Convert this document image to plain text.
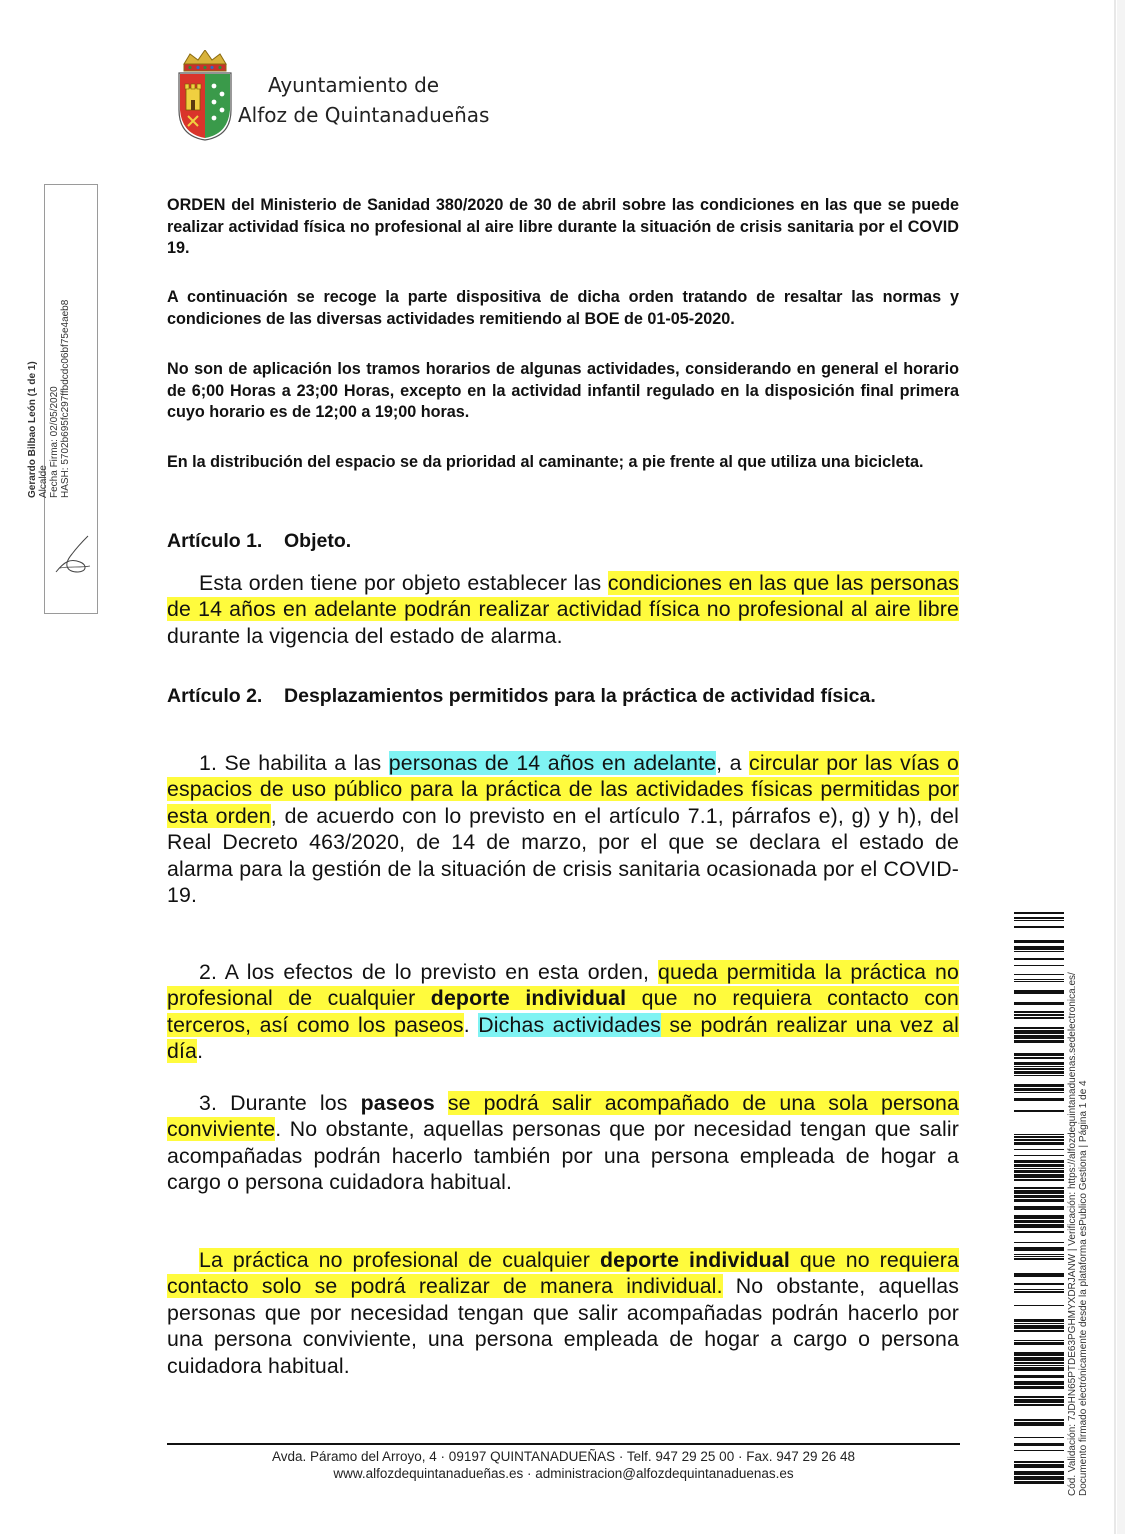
Ayuntamiento de
Alfoz de Quintanadueñas
Gerardo Bilbao León (1 de 1) Alcalde Fecha Firma: 02/05/2020 HASH: 5702b695fc297ffbdcdc06bf75e4aeb8
ORDEN del Ministerio de Sanidad 380/2020 de 30 de abril sobre las condiciones en las que se puede realizar actividad física no profesional al aire libre durante la situación de crisis sanitaria por el COVID 19.
A continuación se recoge la parte dispositiva de dicha orden tratando de resaltar las normas y condiciones de las diversas actividades remitiendo al BOE de 01-05-2020.
No son de aplicación los tramos horarios de algunas actividades, considerando en general el horario de 6;00 Horas a 23;00 Horas, excepto en la actividad infantil regulado en la disposición final primera cuyo horario es de 12;00 a 19;00 horas.
En la distribución del espacio se da prioridad al caminante; a pie frente al que utiliza una bicicleta.
Artículo 1.    Objeto.
Esta orden tiene por objeto establecer las condiciones en las que las personas de 14 años en adelante podrán realizar actividad física no profesional al aire libre durante la vigencia del estado de alarma.
Artículo 2.    Desplazamientos permitidos para la práctica de actividad física.
1. Se habilita a las personas de 14 años en adelante, a circular por las vías o espacios de uso público para la práctica de las actividades físicas permitidas por esta orden, de acuerdo con lo previsto en el artículo 7.1, párrafos e), g) y h), del Real Decreto 463/2020, de 14 de marzo, por el que se declara el estado de alarma para la gestión de la situación de crisis sanitaria ocasionada por el COVID-19.
2. A los efectos de lo previsto en esta orden, queda permitida la práctica no profesional de cualquier deporte individual que no requiera contacto con terceros, así como los paseos. Dichas actividades se podrán realizar una vez al día.
3. Durante los paseos se podrá salir acompañado de una sola persona conviviente. No obstante, aquellas personas que por necesidad tengan que salir acompañadas podrán hacerlo también por una persona empleada de hogar a cargo o persona cuidadora habitual.
La práctica no profesional de cualquier deporte individual que no requiera contacto solo se podrá realizar de manera individual. No obstante, aquellas personas que por necesidad tengan que salir acompañadas podrán hacerlo por una persona conviviente, una persona empleada de hogar a cargo o persona cuidadora habitual.	Cód. Validación: 7JDHN65PTDE63PGHMYXDRJANW | Verificación: https://alfozdequintanaduenas.sedelectronica.es/ Documento firmado electrónicamente desde la plataforma esPublico Gestiona | Página 1 de 4
Avda. Páramo del Arroyo, 4 · 09197 QUINTANADUEÑAS · Telf. 947 29 25 00 · Fax. 947 29 26 48
www.alfozdequintanadueñas.es · administracion@alfozdequintanaduenas.es
